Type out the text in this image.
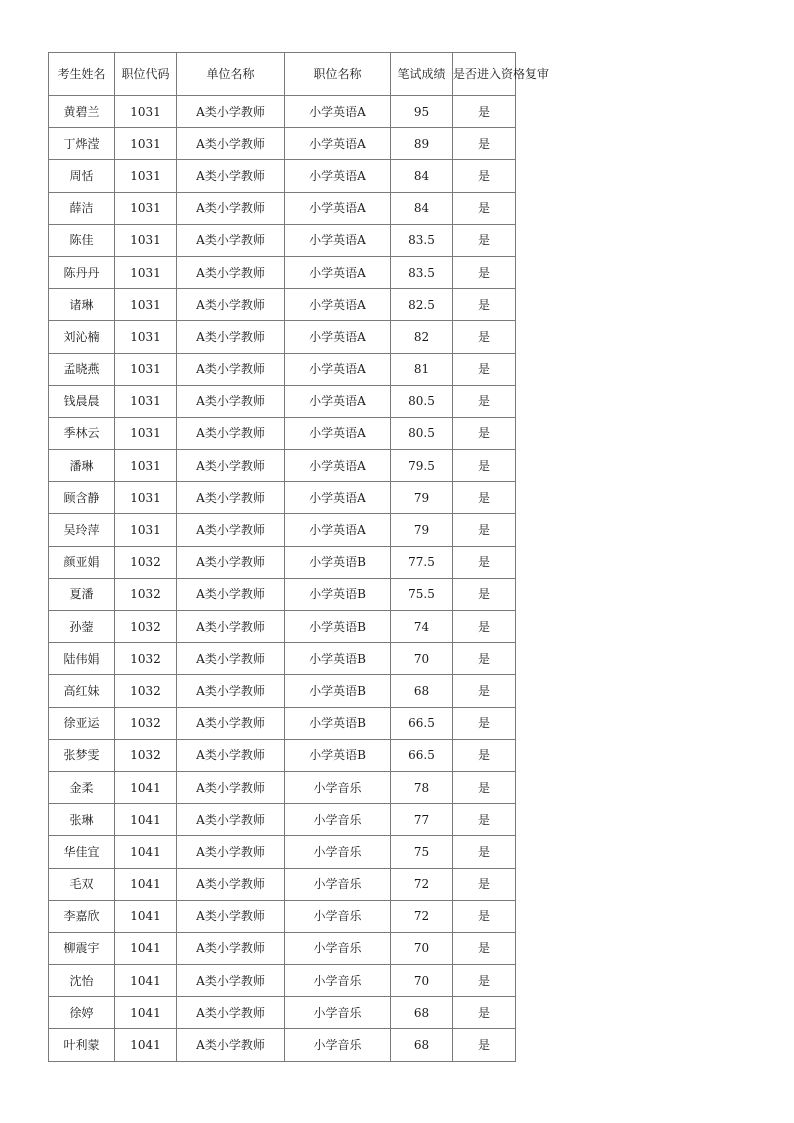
考生姓名	职位代码	单位名称	职位名称	笔试成绩	是否进入资格复审
黄碧兰	1031	A类小学教师	小学英语A	95	是
丁烨滢	1031	A类小学教师	小学英语A	89	是
周恬	1031	A类小学教师	小学英语A	84	是
薛洁	1031	A类小学教师	小学英语A	84	是
陈佳	1031	A类小学教师	小学英语A	83.5	是
陈丹丹	1031	A类小学教师	小学英语A	83.5	是
诸琳	1031	A类小学教师	小学英语A	82.5	是
刘沁楠	1031	A类小学教师	小学英语A	82	是
孟晓燕	1031	A类小学教师	小学英语A	81	是
钱晨晨	1031	A类小学教师	小学英语A	80.5	是
季林云	1031	A类小学教师	小学英语A	80.5	是
潘琳	1031	A类小学教师	小学英语A	79.5	是
顾含静	1031	A类小学教师	小学英语A	79	是
吴玲萍	1031	A类小学教师	小学英语A	79	是
颜亚娟	1032	A类小学教师	小学英语B	77.5	是
夏潘	1032	A类小学教师	小学英语B	75.5	是
孙蓥	1032	A类小学教师	小学英语B	74	是
陆伟娟	1032	A类小学教师	小学英语B	70	是
高红妹	1032	A类小学教师	小学英语B	68	是
徐亚运	1032	A类小学教师	小学英语B	66.5	是
张梦雯	1032	A类小学教师	小学英语B	66.5	是
金柔	1041	A类小学教师	小学音乐	78	是
张琳	1041	A类小学教师	小学音乐	77	是
华佳宜	1041	A类小学教师	小学音乐	75	是
毛双	1041	A类小学教师	小学音乐	72	是
李嘉欣	1041	A类小学教师	小学音乐	72	是
柳震宇	1041	A类小学教师	小学音乐	70	是
沈怡	1041	A类小学教师	小学音乐	70	是
徐婷	1041	A类小学教师	小学音乐	68	是
叶利蒙	1041	A类小学教师	小学音乐	68	是
